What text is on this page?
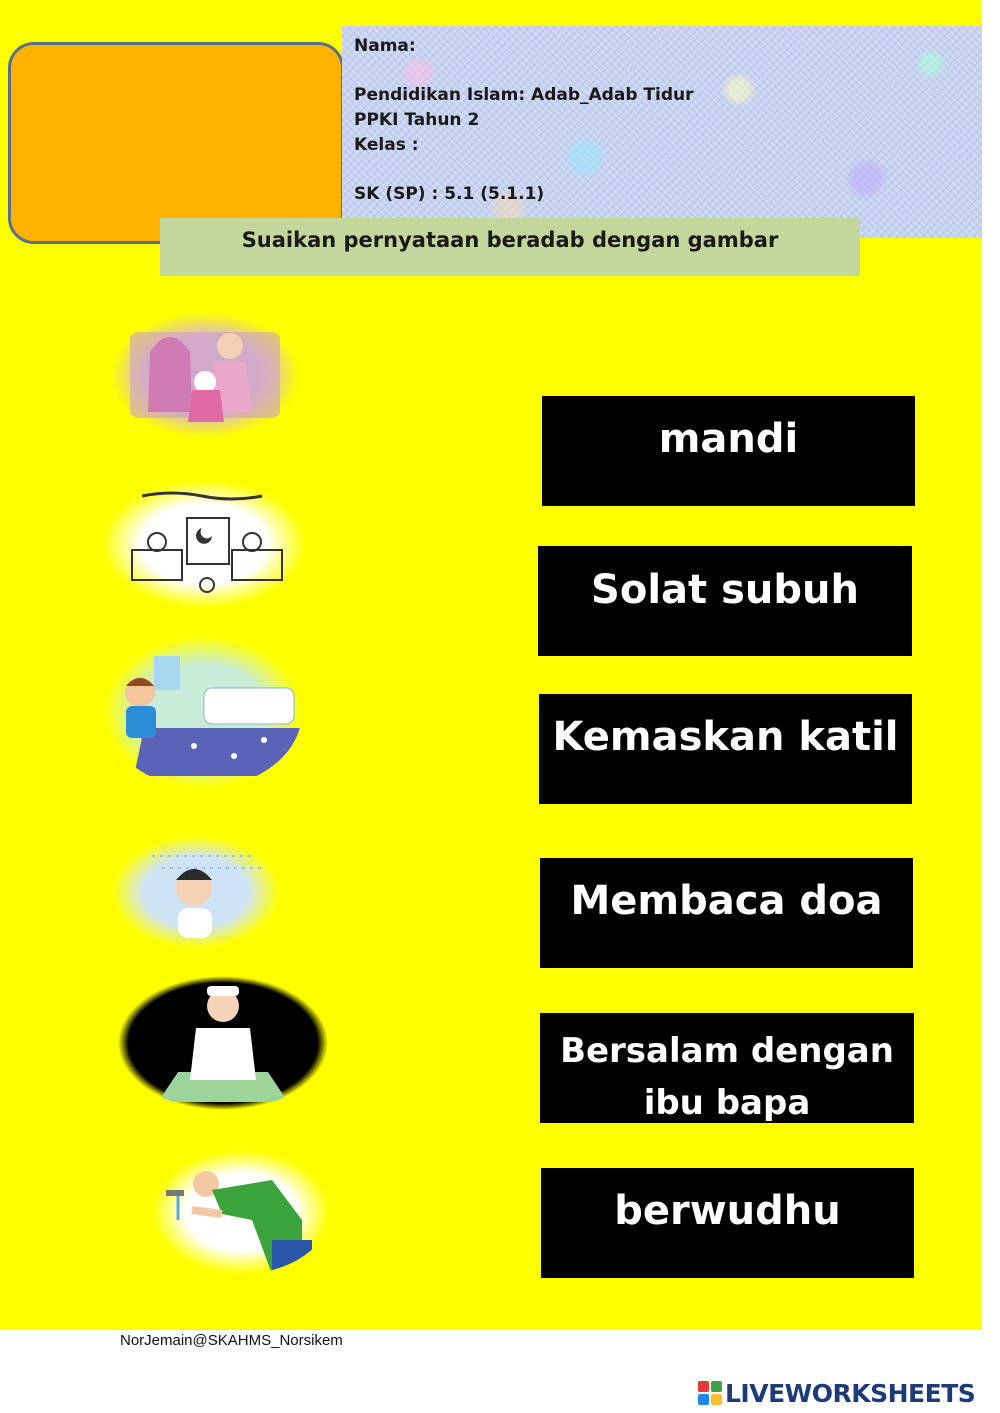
Nama:
Pendidikan Islam: Adab_Adab Tidur
PPKI Tahun 2
Kelas :
SK (SP) : 5.1 (5.1.1)
Suaikan pernyataan beradab dengan gambar
mandi
Solat subuh
Kemaskan katil
Membaca doa
Bersalam dengan
ibu bapa
berwudhu
NorJemain@SKAHMS_Norsikem
LIVEWORKSHEETS
